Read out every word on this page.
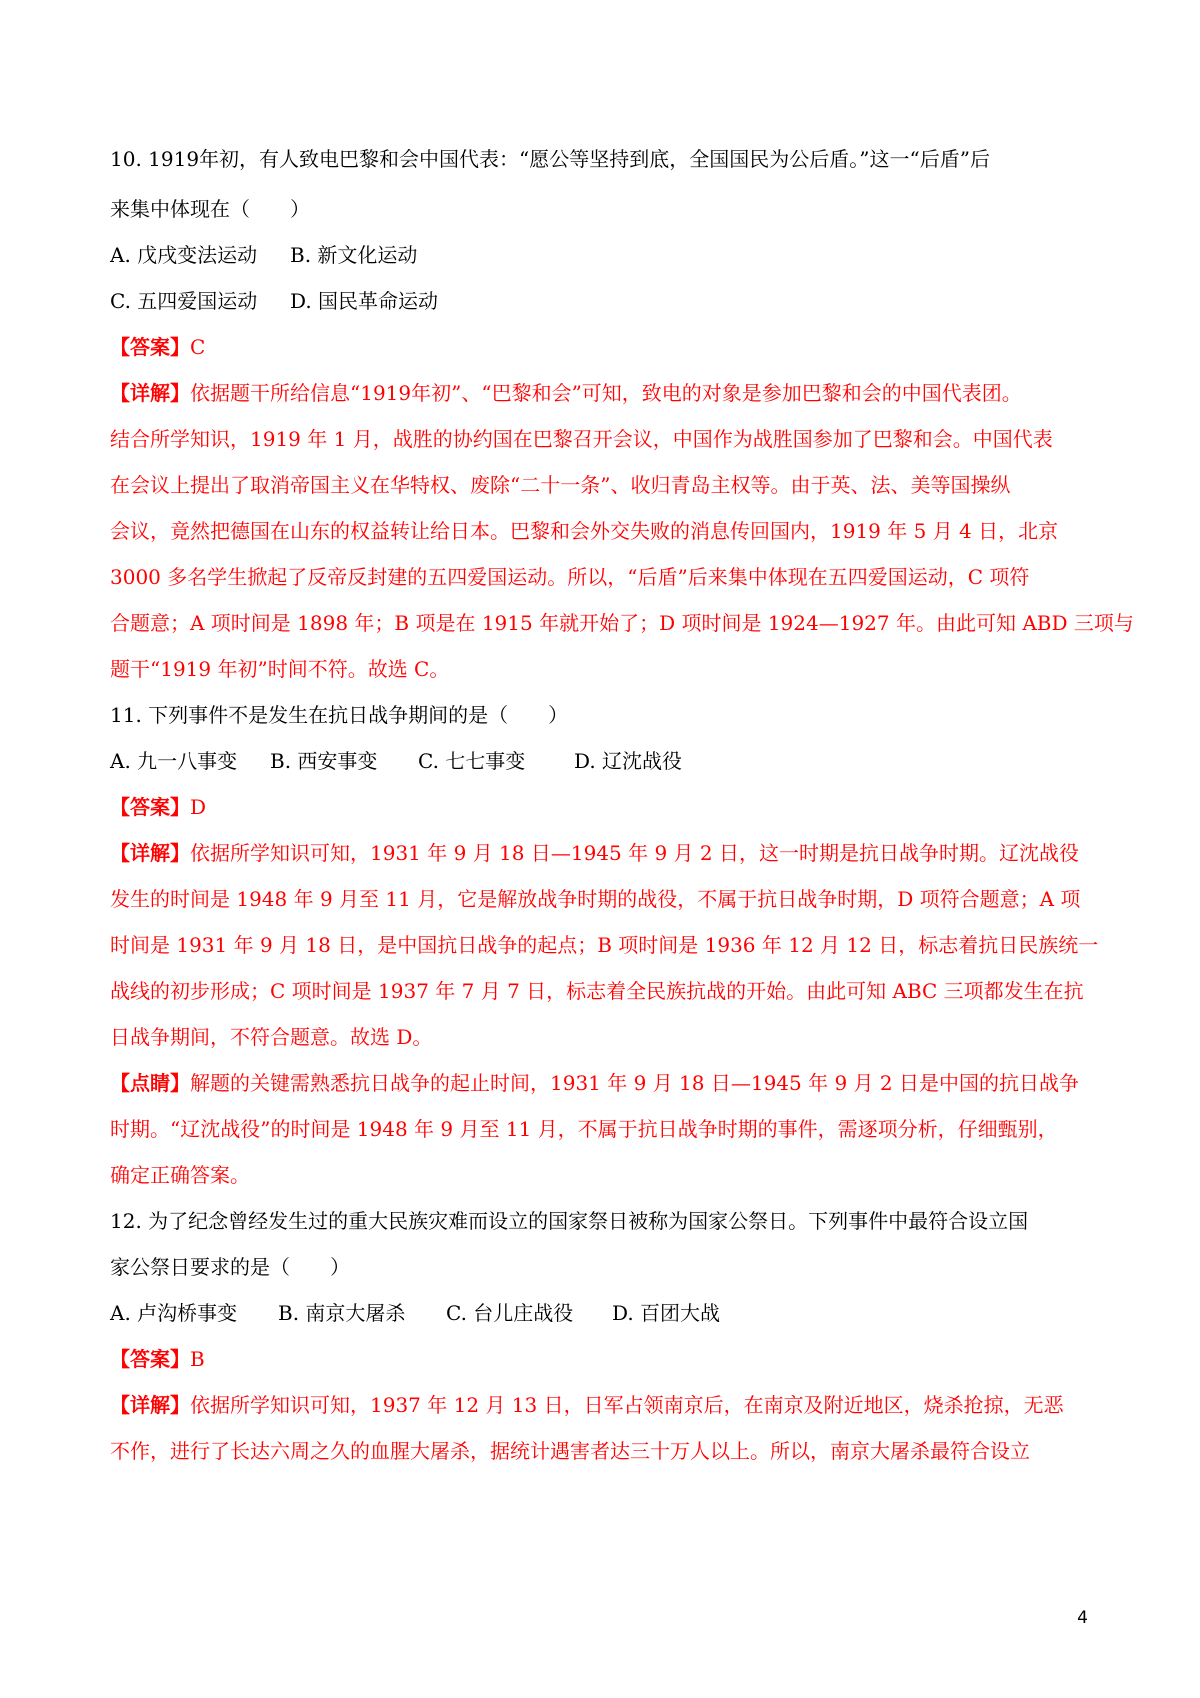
10. 1919年初，有人致电巴黎和会中国代表：“愿公等坚持到底，全国国民为公后盾。”这一“后盾”后

来集中体现在（　　）

A. 戊戌变法运动 B. 新文化运动

C. 五四爱国运动 D. 国民革命运动

【答案】C

【详解】依据题干所给信息“1919年初”、“巴黎和会”可知，致电的对象是参加巴黎和会的中国代表团。

结合所学知识，1919 年 1 月，战胜的协约国在巴黎召开会议，中国作为战胜国参加了巴黎和会。中国代表

在会议上提出了取消帝国主义在华特权、废除“二十一条”、收归青岛主权等。由于英、法、美等国操纵

会议，竟然把德国在山东的权益转让给日本。巴黎和会外交失败的消息传回国内，1919 年 5 月 4 日，北京

3000 多名学生掀起了反帝反封建的五四爱国运动。所以，“后盾”后来集中体现在五四爱国运动，C 项符

合题意；A 项时间是 1898 年；B 项是在 1915 年就开始了；D 项时间是 1924—1927 年。由此可知 ABD 三项与

题干“1919 年初”时间不符。故选 C。

11. 下列事件不是发生在抗日战争期间的是（　　）

A. 九一八事变 B. 西安事变 C. 七七事变 D. 辽沈战役

【答案】D

【详解】依据所学知识可知，1931 年 9 月 18 日—1945 年 9 月 2 日，这一时期是抗日战争时期。辽沈战役

发生的时间是 1948 年 9 月至 11 月，它是解放战争时期的战役，不属于抗日战争时期，D 项符合题意；A 项

时间是 1931 年 9 月 18 日，是中国抗日战争的起点；B 项时间是 1936 年 12 月 12 日，标志着抗日民族统一

战线的初步形成；C 项时间是 1937 年 7 月 7 日，标志着全民族抗战的开始。由此可知 ABC 三项都发生在抗

日战争期间，不符合题意。故选 D。

【点睛】解题的关键需熟悉抗日战争的起止时间，1931 年 9 月 18 日—1945 年 9 月 2 日是中国的抗日战争

时期。“辽沈战役”的时间是 1948 年 9 月至 11 月，不属于抗日战争时期的事件，需逐项分析，仔细甄别，

确定正确答案。

12. 为了纪念曾经发生过的重大民族灾难而设立的国家祭日被称为国家公祭日。下列事件中最符合设立国

家公祭日要求的是（　　）

A. 卢沟桥事变 B. 南京大屠杀 C. 台儿庄战役 D. 百团大战

【答案】B

【详解】依据所学知识可知，1937 年 12 月 13 日，日军占领南京后，在南京及附近地区，烧杀抢掠，无恶

不作，进行了长达六周之久的血腥大屠杀，据统计遇害者达三十万人以上。所以，南京大屠杀最符合设立

4
